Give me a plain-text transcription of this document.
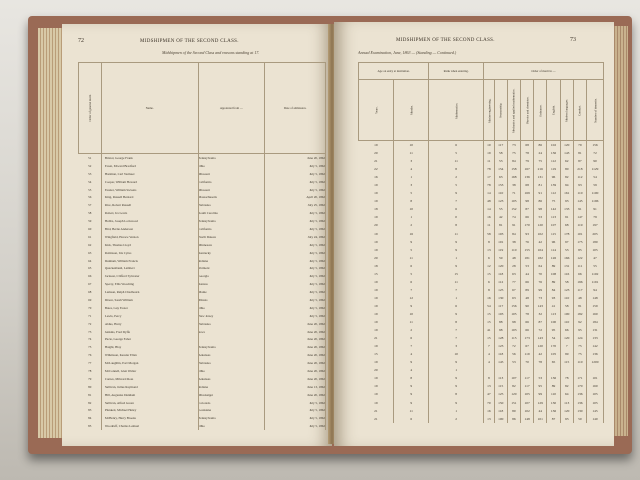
72	MIDSHIPMEN OF THE SECOND CLASS.
Midshipmen of the Second Class and reasons standing at 17.
Order of general merit.	Name.	Appointed from —	Date of admission.
51	Bristol, George Frank	Pennsylvania	June 20, 1862
52	Ewen, Edward Bradford	Ohio	July 5, 1862
53	Hartman, Carl Vermeer	Missouri	July 5, 1862
54	Cooper, William Howard	California	July 5, 1862
55	Fessler, William Stevens	Missouri	July 5, 1862
56	King, Russell Bernard	Massachusetts	April 20, 1862
57	Rice, Robert Russell	Nebraska	July 25, 1862
58	Robert, Ira Lewis	South Carolina	July 5, 1862
59	Hobbs, Joseph Lockwood	Pennsylvania	July 5, 1862
60	Bird, Bertie Anderson	California	July 5, 1862
61	Wingfield, Horace Vernon	North Dakota	July 24, 1862
62	Kirk, Thomas Lloyd	Minnesota	July 5, 1862
63	Robinson, Iris Cyrus	Kentucky	July 5, 1862
64	Dunham, William Francis	Indiana	July 5, 1862
65	Quackenbush, Lambert	Vermont	July 5, 1862
66	Jackson, Clifford Sylvester	Georgia	July 5, 1862
67	Sperry, Ellis Woodring	Kansas	July 5, 1862
68	Lamson, Ralph Chadbourn	Maine	July 5, 1862
69	Dixon, Sarah William	Illinois	July 5, 1862
70	Bates, Guy Foster	Ohio	July 5, 1862
71	Lewis, Percy	New Jersey	July 5, 1862
72	Aldus, Harry	Nebraska	June 20, 1862
73	Jenkins, Fred Dyffe	Iowa	June 20, 1862
74	Pucie, George Faber		June 20, 1862
75	Haight, Blay	Pennsylvania	June 20, 1862
76	Wilkinson, Kessler Ellen	Arkansas	June 20, 1862
77	McLaughlin, Earl Morgan	Nebraska	June 20, 1862
78	McConnell, Glen Walter	Ohio	June 20, 1862
79	Carnes, Milward Ross	Arkansas	June 20, 1862
80	Sullivan, Julius Raymond	Indiana	June 13, 1862
81	Hill, Augustus Dunham	Mississippi	June 20, 1862
82	Sullivan, Alfred Green	Colorado	July 5, 1862
83	Plunkett, Michael Henry	Louisiana	July 5, 1862
84	McHenry, Harry Brooks	Pennsylvania	July 5, 1862
85	Woodruff, Charles Lemuel	Ohio	July 5, 1862
MIDSHIPMEN OF THE SECOND CLASS.	73
Annual Examination, June, 1863 — (Standing — Continued.)
Age on entry at institution.		Rank when entering.	Order of merit in —								
Years.	Months.	Mathematics.	Marine engineering.	Seamanship.	Mechanics and applied mathematics.	Physics and chemistry.	Ordnance.	English.	Modern languages.	Conduct.	Number of demerits.
19	10	6	10	117	73	68	86	102	120	79	156
20	11	5	19	58	75	78	24	136	143	81	72
21	3	11	11	53	84	79	75	112	62	87	90
22	4	8	78	154	158	167	216	119	80	218	1129
16	1	2	17	63	168	136	131	96	82	112	54
19	3	5	78	153	38	68	81	139	94	93	59
19	5	9	14	110	71	169	91	112	161	110	1100
19	8	7	48	123	105	98	86	75	93	145	1196
18	10	6	14	55	152	87	98	142	133	91	91
19	1	0	16	42	74	66	53	113	91	147	79
20	2	8	11	81	91	170	120	107	68	119	197
19	16	11	58	103	84	93	102	115	178	101	205
19	9	9	8	101	38	76	42	96	97	175	180
19	5	9	13	119	110	155	104	114	53	85	105
20	11	1	6	59	48	181	182	126	166	122	47
18	6	9	12	120	28	53	64	89	131	111	55
15	5	15	15	118	63	44	70	108	116	66	1102
19	6	11	6	112	77	66	76	89	58	196	1191
19	7	7	8	125	67	89	99	84	123	117	94
19	12	1	16	130	63	48	73	93	110	48	148
19	9	6	54	117	156	90	143	41	58	81	159
19	10	9	15	103	105	78	32	113	100	182	160
19	11	8	15	88	98	66	87	100	110	92	184
19	2	7	41	98	103	66	72	95	66	95	131
21	6	7	15	128	115	173	143	54	120	124	133
19	7	3	7	123	72	67	120	170	7	75	142
15	4	10	4	118	56	119	42	105	99	75	136
19	9	9	4	145	53	70	78	65	115	110	1200
20	4	1									
19	8	9	8	113	107	117	53	136	78	171	101
19	9	9	13	115	82	117	95	89	82	170	160
19	9	8	47	125	120	105	99	110	64	136	105
19	9	9	70	150	151	107	129	130	113	136	105
21	11	1	16	118	80	102	44	136	120	130	145
21	6	2	13	100	86	148	101	87	93	50	140
